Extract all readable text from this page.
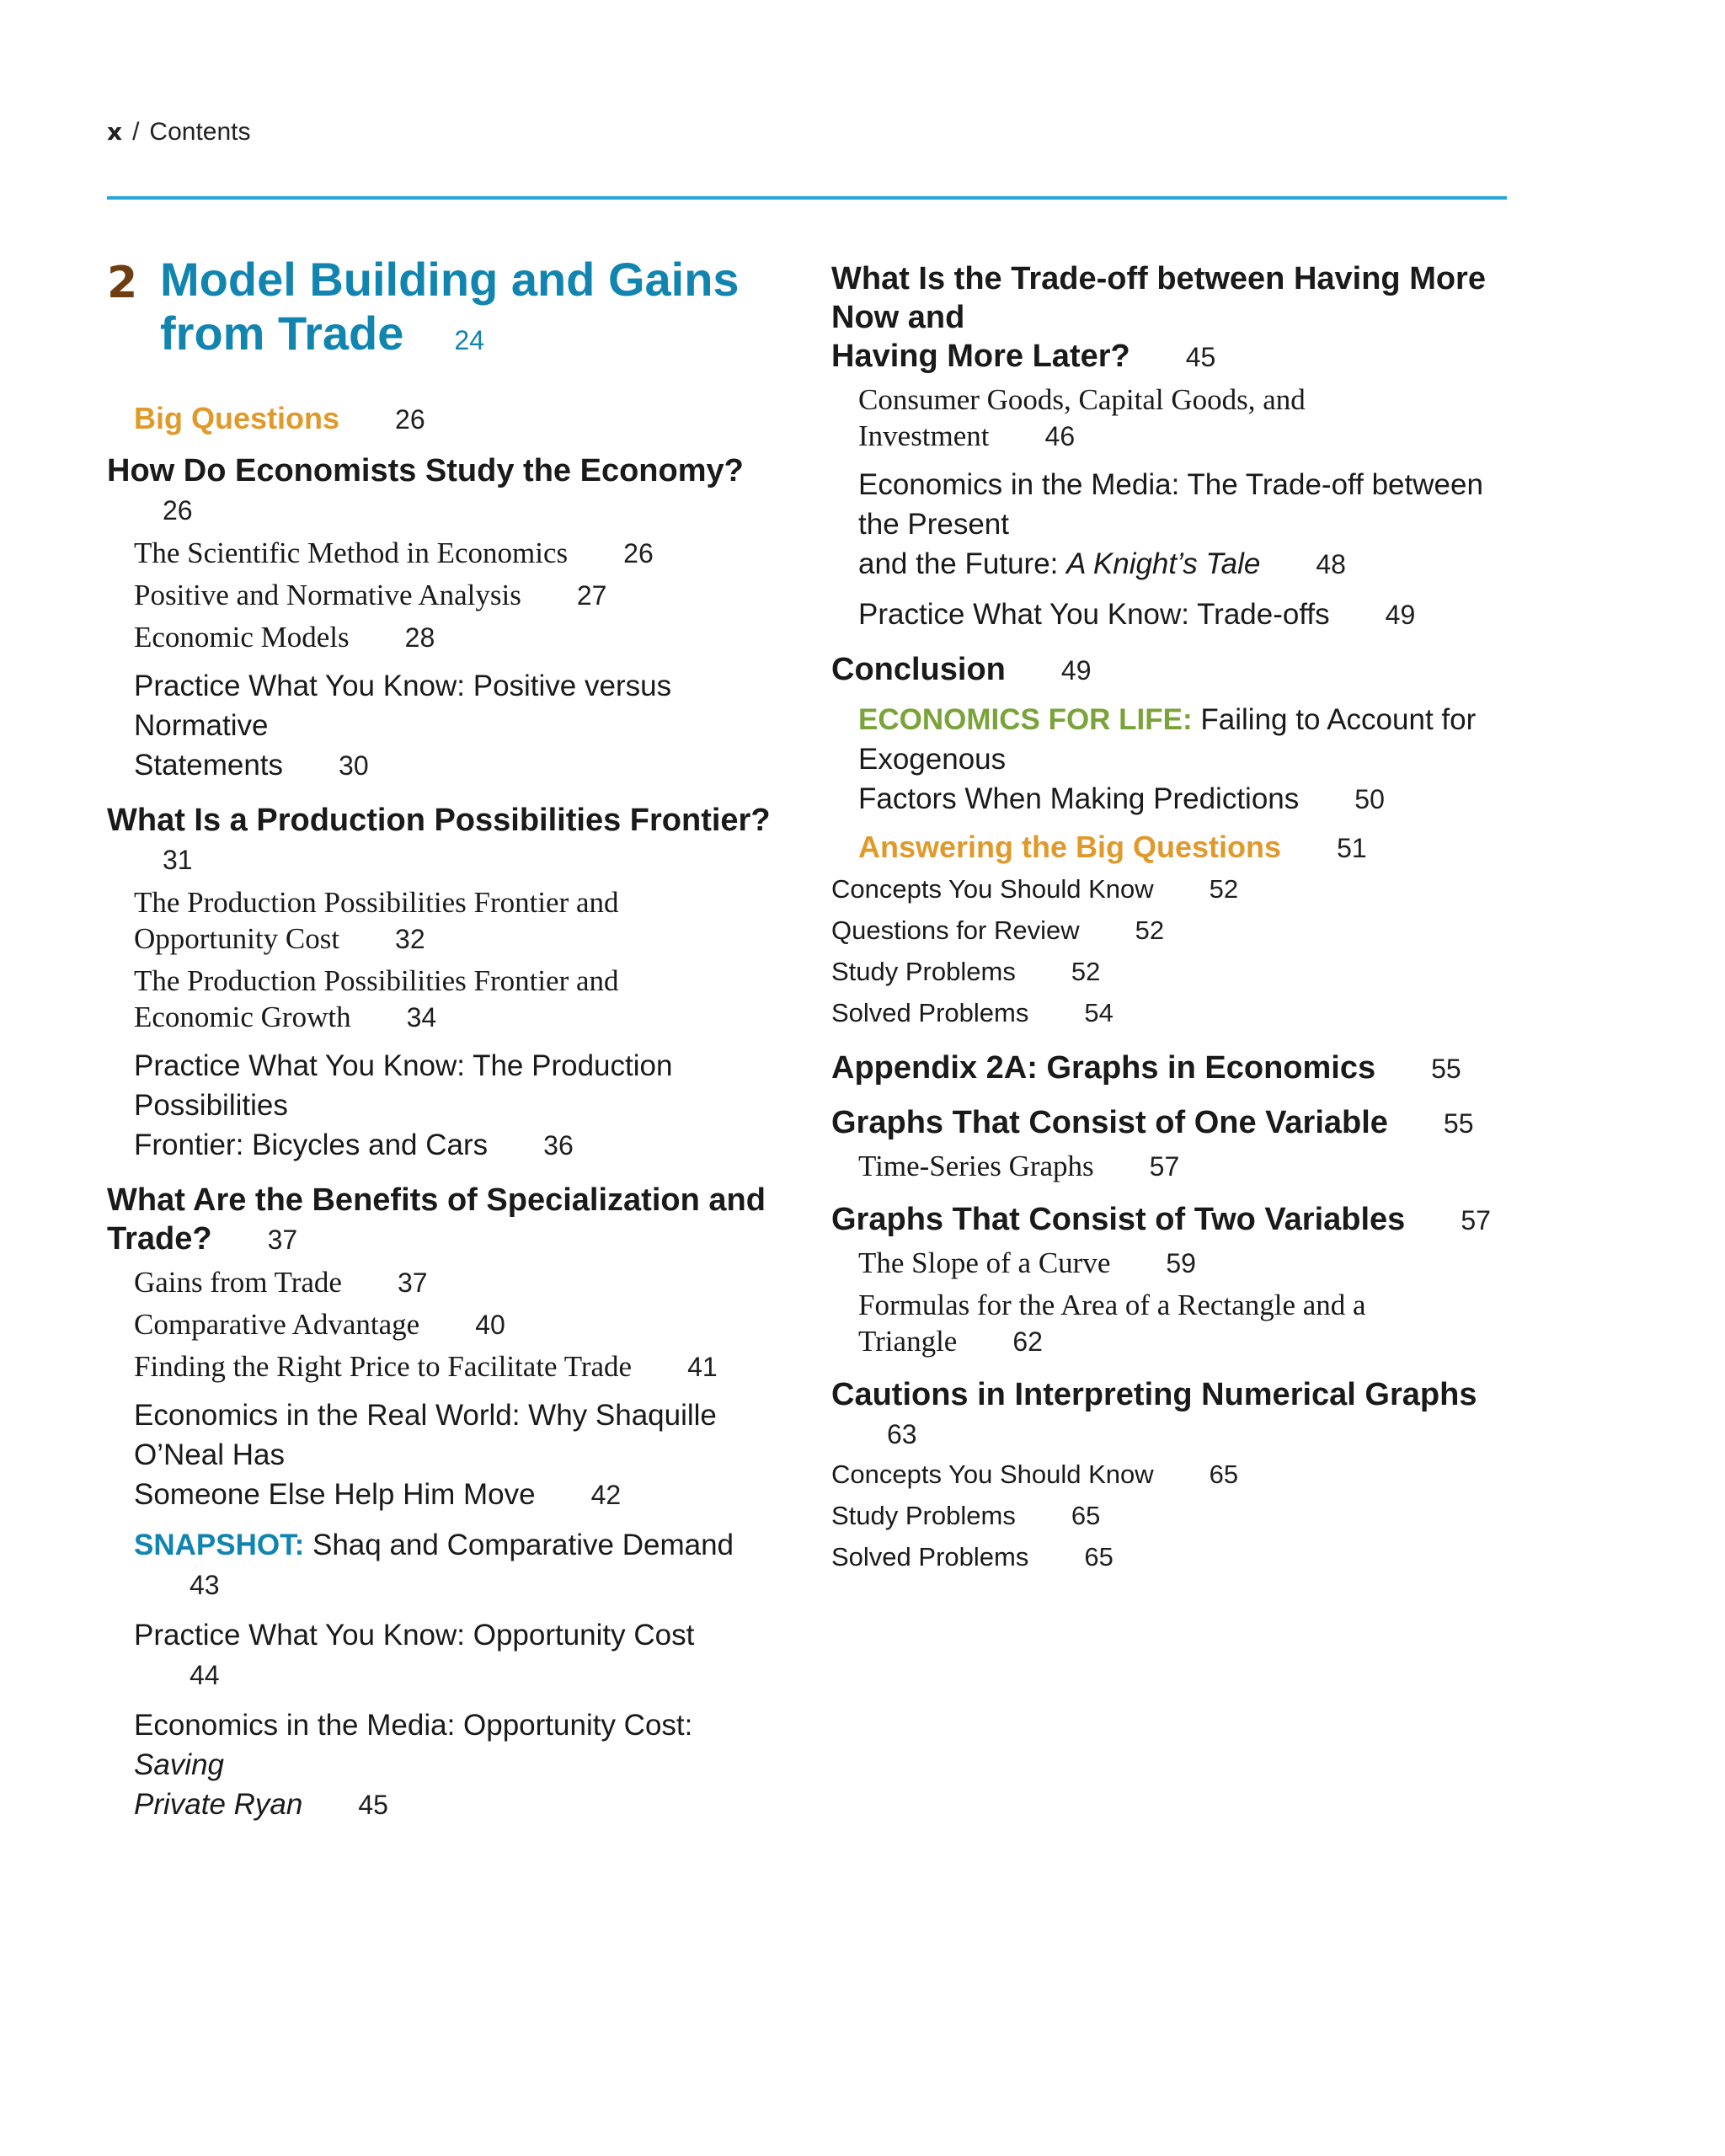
x / Contents
2 Model Building and Gains
from Trade 24
Big Questions 26
How Do Economists Study the Economy?26
The Scientific Method in Economics 26
Positive and Normative Analysis 27
Economic Models 28
Practice What You Know: Positive versus Normative
Statements 30
What Is a Production Possibilities Frontier?31
The Production Possibilities Frontier and
Opportunity Cost 32
The Production Possibilities Frontier and
Economic Growth 34
Practice What You Know: The Production Possibilities
Frontier: Bicycles and Cars 36
What Are the Benefits of Specialization and
Trade? 37
Gains from Trade 37
Comparative Advantage 40
Finding the Right Price to Facilitate Trade 41
Economics in the Real World: Why Shaquille O’Neal Has
Someone Else Help Him Move 42
SNAPSHOT: Shaq and Comparative Demand43
Practice What You Know: Opportunity Cost44
Economics in the Media: Opportunity Cost: Saving
Private Ryan 45
What Is the Trade-off between Having More Now and
Having More Later? 45
Consumer Goods, Capital Goods, and
Investment 46
Economics in the Media: The Trade-off between the Present
and the Future: A Knight’s Tale 48
Practice What You Know: Trade-offs 49
Conclusion 49
ECONOMICS FOR LIFE: Failing to Account for Exogenous
Factors When Making Predictions 50
Answering the Big Questions 51
Concepts You Should Know 52
Questions for Review 52
Study Problems 52
Solved Problems 54
Appendix 2A: Graphs in Economics 55
Graphs That Consist of One Variable 55
Time-Series Graphs 57
Graphs That Consist of Two Variables 57
The Slope of a Curve 59
Formulas for the Area of a Rectangle and a
Triangle 62
Cautions in Interpreting Numerical Graphs63
Concepts You Should Know 65
Study Problems 65
Solved Problems 65
